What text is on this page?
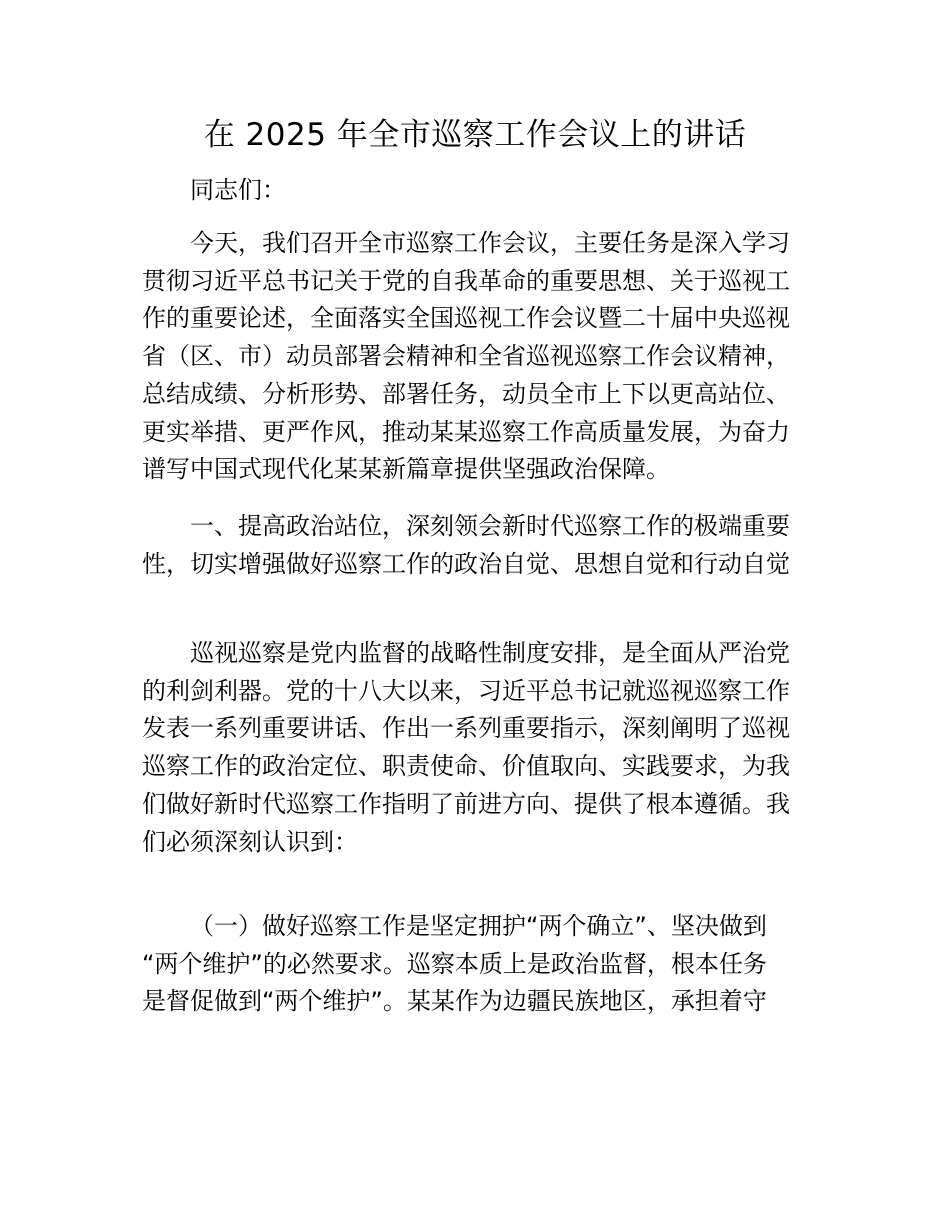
在 2025 年全市巡察工作会议上的讲话

同志们：

今天，我们召开全市巡察工作会议，主要任务是深入学习
贯彻习近平总书记关于党的自我革命的重要思想、关于巡视工
作的重要论述，全面落实全国巡视工作会议暨二十届中央巡视
省（区、市）动员部署会精神和全省巡视巡察工作会议精神，
总结成绩、分析形势、部署任务，动员全市上下以更高站位、
更实举措、更严作风，推动某某巡察工作高质量发展，为奋力
谱写中国式现代化某某新篇章提供坚强政治保障。

一、提高政治站位，深刻领会新时代巡察工作的极端重要
性，切实增强做好巡察工作的政治自觉、思想自觉和行动自觉

巡视巡察是党内监督的战略性制度安排，是全面从严治党
的利剑利器。党的十八大以来，习近平总书记就巡视巡察工作
发表一系列重要讲话、作出一系列重要指示，深刻阐明了巡视
巡察工作的政治定位、职责使命、价值取向、实践要求，为我
们做好新时代巡察工作指明了前进方向、提供了根本遵循。我
们必须深刻认识到：

（一）做好巡察工作是坚定拥护“两个确立”、坚决做到
“两个维护”的必然要求。巡察本质上是政治监督，根本任务
是督促做到“两个维护”。某某作为边疆民族地区，承担着守
